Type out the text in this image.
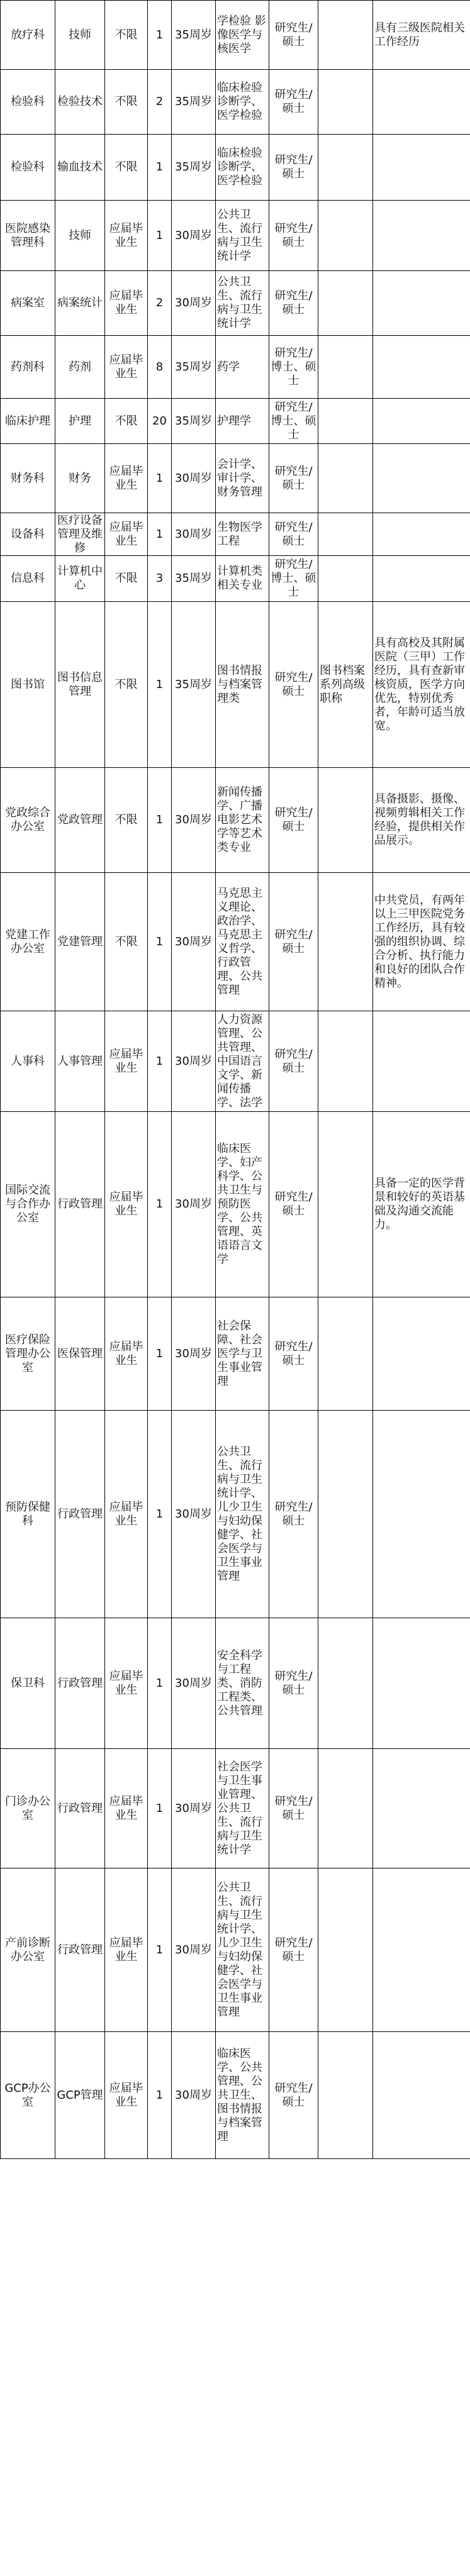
放疗科	技师	不限	1	35周岁	学检验 影像医学与核医学	研究生/硕士		具有三级医院相关工作经历
检验科	检验技术	不限	2	35周岁	临床检验诊断学、医学检验	研究生/硕士		
检验科	输血技术	不限	1	35周岁	临床检验诊断学、医学检验	研究生/硕士		
医院感染管理科	技师	应届毕业生	1	30周岁	公共卫生、流行病与卫生统计学	研究生/硕士		
病案室	病案统计	应届毕业生	2	30周岁	公共卫生、流行病与卫生统计学	研究生/硕士		
药剂科	药剂	应届毕业生	8	35周岁	药学	研究生/博士、硕士		
临床护理	护理	不限	20	35周岁	护理学	研究生/博士、硕士		
财务科	财务	应届毕业生	1	30周岁	会计学、审计学、财务管理	研究生/硕士		
设备科	医疗设备管理及维修	应届毕业生	1	30周岁	生物医学工程	研究生/硕士		
信息科	计算机中心	不限	3	35周岁	计算机类相关专业	研究生/博士、硕士		
图书馆	图书信息管理	不限	1	35周岁	图书情报与档案管理类	研究生/硕士	图书档案系列高级职称	具有高校及其附属医院（三甲）工作经历，具有查新审核资质，医学方向优先，特别优秀者，年龄可适当放宽。
党政综合办公室	党政管理	不限	1	30周岁	新闻传播学、广播电影艺术学等艺术类专业	研究生/硕士		具备摄影、摄像、视频剪辑相关工作经验，提供相关作品展示。
党建工作办公室	党建管理	不限	1	30周岁	马克思主义理论、政治学、马克思主义哲学、行政管理、公共管理	研究生/硕士		中共党员，有两年以上三甲医院党务工作经历，具有较强的组织协调、综合分析、执行能力和良好的团队合作精神。
人事科	人事管理	应届毕业生	1	30周岁	人力资源管理、公共管理、中国语言文学、新闻传播学、法学	研究生/硕士		
国际交流与合作办公室	行政管理	应届毕业生	1	30周岁	临床医学、妇产科学、公共卫生与预防医学、公共管理、英语语言文学	研究生/硕士		具备一定的医学背景和较好的英语基础及沟通交流能力。
医疗保险管理办公室	医保管理	应届毕业生	1	30周岁	社会保障、社会医学与卫生事业管理	研究生/硕士		
预防保健科	行政管理	应届毕业生	1	30周岁	公共卫生、流行病与卫生统计学、儿少卫生与妇幼保健学、社会医学与卫生事业管理	研究生/硕士		
保卫科	行政管理	应届毕业生	1	30周岁	安全科学与工程类、消防工程类、公共管理	研究生/硕士		
门诊办公室	行政管理	应届毕业生	1	30周岁	社会医学与卫生事业管理、公共卫生、流行病与卫生统计学	研究生/硕士		
产前诊断办公室	行政管理	应届毕业生	1	30周岁	公共卫生、流行病与卫生统计学、儿少卫生与妇幼保健学、社会医学与卫生事业管理	研究生/硕士		
GCP办公室	GCP管理	应届毕业生	1	30周岁	临床医学、公共管理、公共卫生、图书情报与档案管理	研究生/硕士		
